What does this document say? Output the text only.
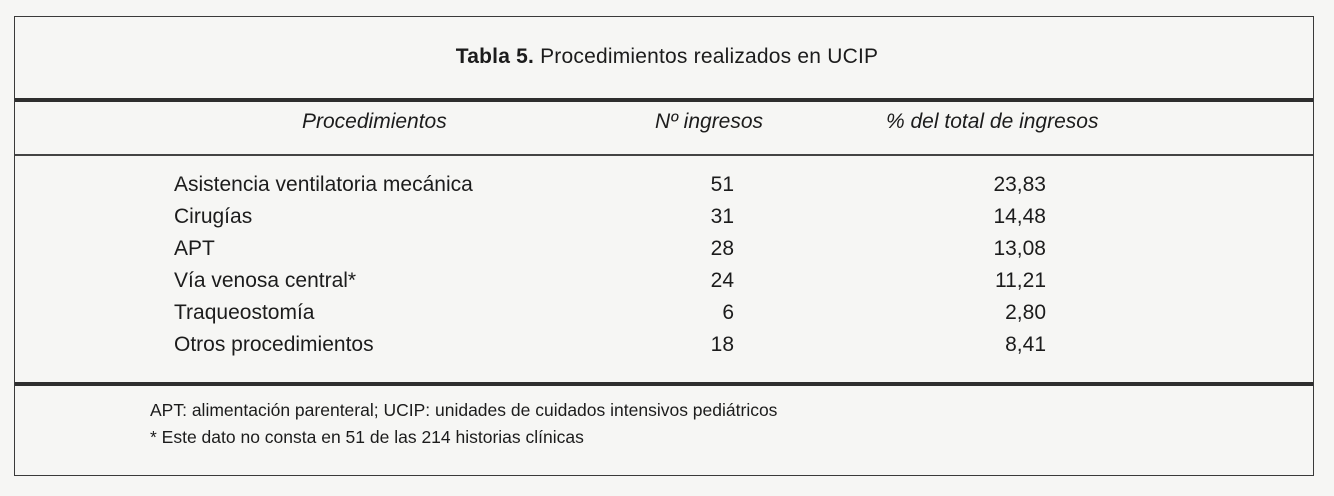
Tabla 5. Procedimientos realizados en UCIP
Procedimientos	Nº ingresos	% del total de ingresos
Asistencia ventilatoria mecánica	51	23,83
Cirugías	31	14,48
APT	28	13,08
Vía venosa central*	24	11,21
Traqueostomía	6	2,80
Otros procedimientos	18	8,41
APT: alimentación parenteral; UCIP: unidades de cuidados intensivos pediátricos
* Este dato no consta en 51 de las 214 historias clínicas
